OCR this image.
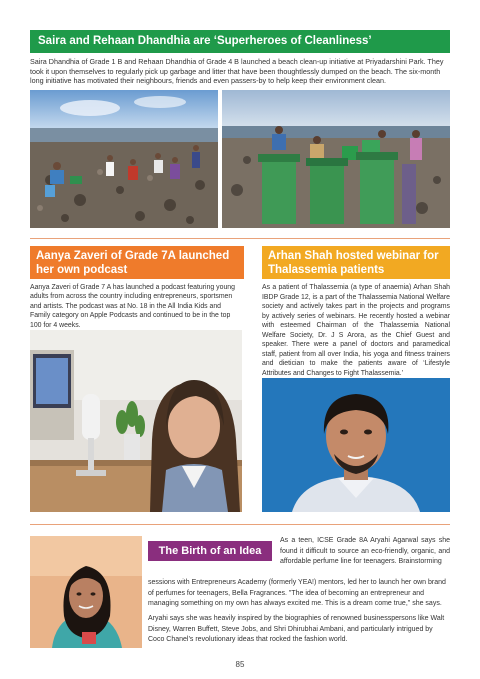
Saira and Rehaan Dhandhia are ‘Superheroes of Cleanliness’
Saira Dhandhia of Grade 1 B and Rehaan Dhandhia of Grade 4 B launched a beach clean-up initiative at Priyadarshini Park. They took it upon themselves to regularly pick up garbage and litter that have been thoughtlessly dumped on the beach. The six-month long initiative has motivated their neighbours, friends and even passers-by to help keep their environment clean.
Aanya Zaveri of Grade 7A launched her own podcast
Aanya Zaveri of Grade 7 A has launched a podcast featuring young adults from across the country including entrepreneurs, sportsmen and artists. The podcast was at No. 18 in the All India Kids and Family category on Apple Podcasts and continued to be in the top 100 for 4 weeks.
Arhan Shah hosted webinar for Thalassemia patients
As a patient of Thalassemia (a type of anaemia) Arhan Shah IBDP Grade 12, is a part of the Thalassemia National Welfare society and actively takes part in the projects and programs by actively series of webinars. He recently hosted a webinar with esteemed Chairman of the Thalassemia National Welfare Society, Dr. J S Arora, as the Chief Guest and speaker. There were a panel of doctors and paramedical staff, patient from all over India, his yoga and fitness trainers and dietician to make the patients aware of ‘Lifestyle Attributes and Changes to Fight Thalassemia.’
The Birth of an Idea
As a teen, ICSE Grade 8A Aryahi Agarwal says she found it difficult to source an eco-friendly, organic, and affordable perfume line for teenagers. Brainstorming
sessions with Entrepreneurs Academy (formerly YEA!) mentors, led her to launch her own brand of perfumes for teenagers, Bella Fragrances. "The idea of becoming an entrepreneur and managing something on my own has always excited me. This is a dream come true," she says.
Aryahi says she was heavily inspired by the biographies of renowned businesspersons like Walt Disney, Warren Buffett, Steve Jobs, and Shri Dhirubhai Ambani, and particularly intrigued by Coco Chanel’s revolutionary ideas that rocked the fashion world.
85
